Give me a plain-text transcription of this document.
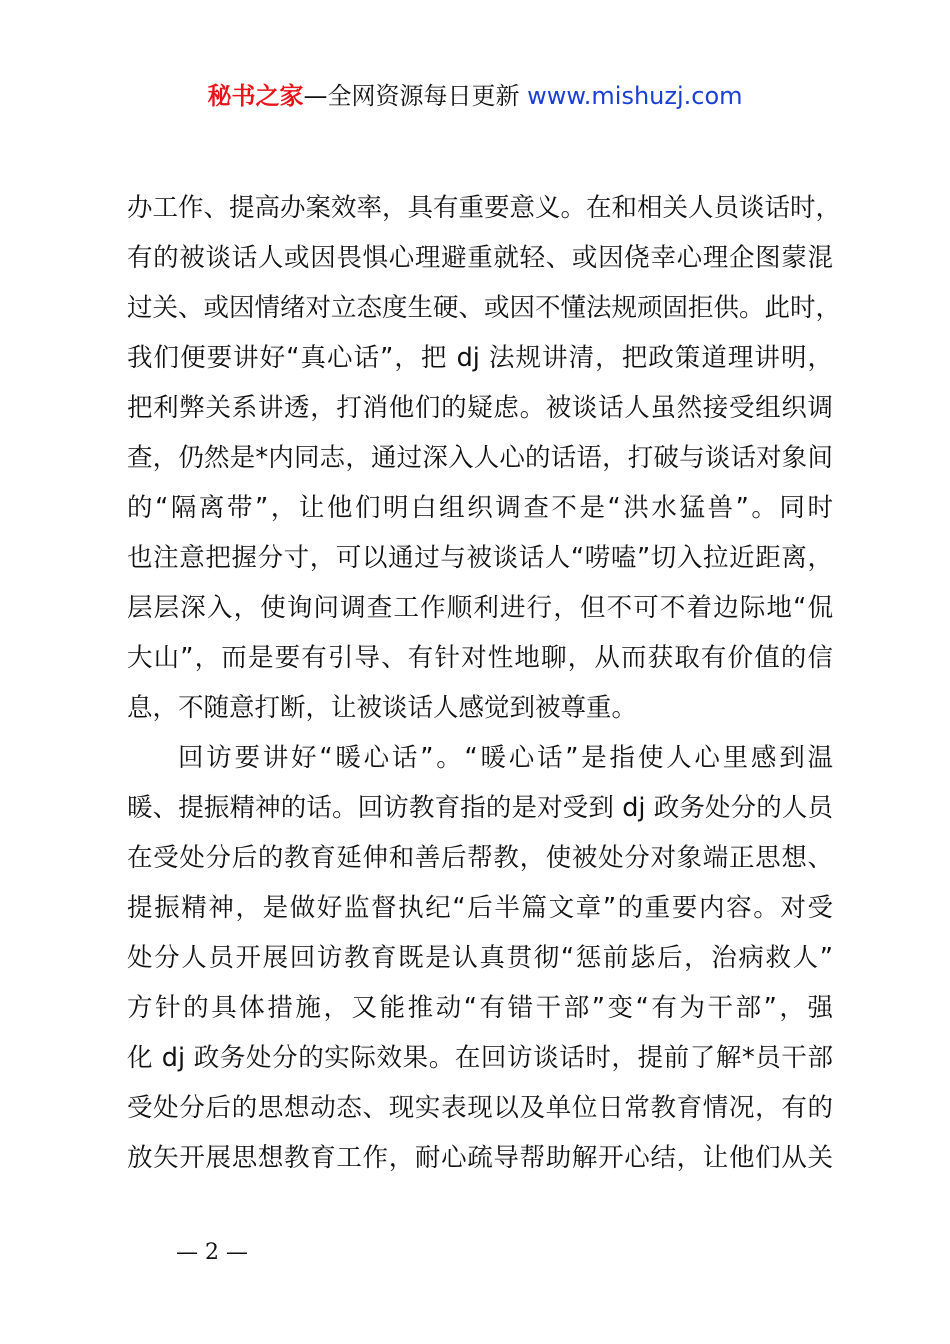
秘书之家—全网资源每日更新 www.mishuzj.com
办工作、提高办案效率，具有重要意义。在和相关人员谈话时，
有的被谈话人或因畏惧心理避重就轻、或因侥幸心理企图蒙混
过关、或因情绪对立态度生硬、或因不懂法规顽固拒供。此时，
我们便要讲好“真心话”，把 dj 法规讲清，把政策道理讲明，
把利弊关系讲透，打消他们的疑虑。被谈话人虽然接受组织调
查，仍然是*内同志，通过深入人心的话语，打破与谈话对象间
的“隔离带”，让他们明白组织调查不是“洪水猛兽”。同时
也注意把握分寸，可以通过与被谈话人“唠嗑”切入拉近距离，
层层深入，使询问调查工作顺利进行，但不可不着边际地“侃
大山”，而是要有引导、有针对性地聊，从而获取有价值的信
息，不随意打断，让被谈话人感觉到被尊重。
回访要讲好“暖心话”。“暖心话”是指使人心里感到温
暖、提振精神的话。回访教育指的是对受到 dj 政务处分的人员
在受处分后的教育延伸和善后帮教，使被处分对象端正思想、
提振精神，是做好监督执纪“后半篇文章”的重要内容。对受
处分人员开展回访教育既是认真贯彻“惩前毖后，治病救人”
方针的具体措施，又能推动“有错干部”变“有为干部”，强
化 dj 政务处分的实际效果。在回访谈话时，提前了解*员干部
受处分后的思想动态、现实表现以及单位日常教育情况，有的
放矢开展思想教育工作，耐心疏导帮助解开心结，让他们从关
— 2 —
